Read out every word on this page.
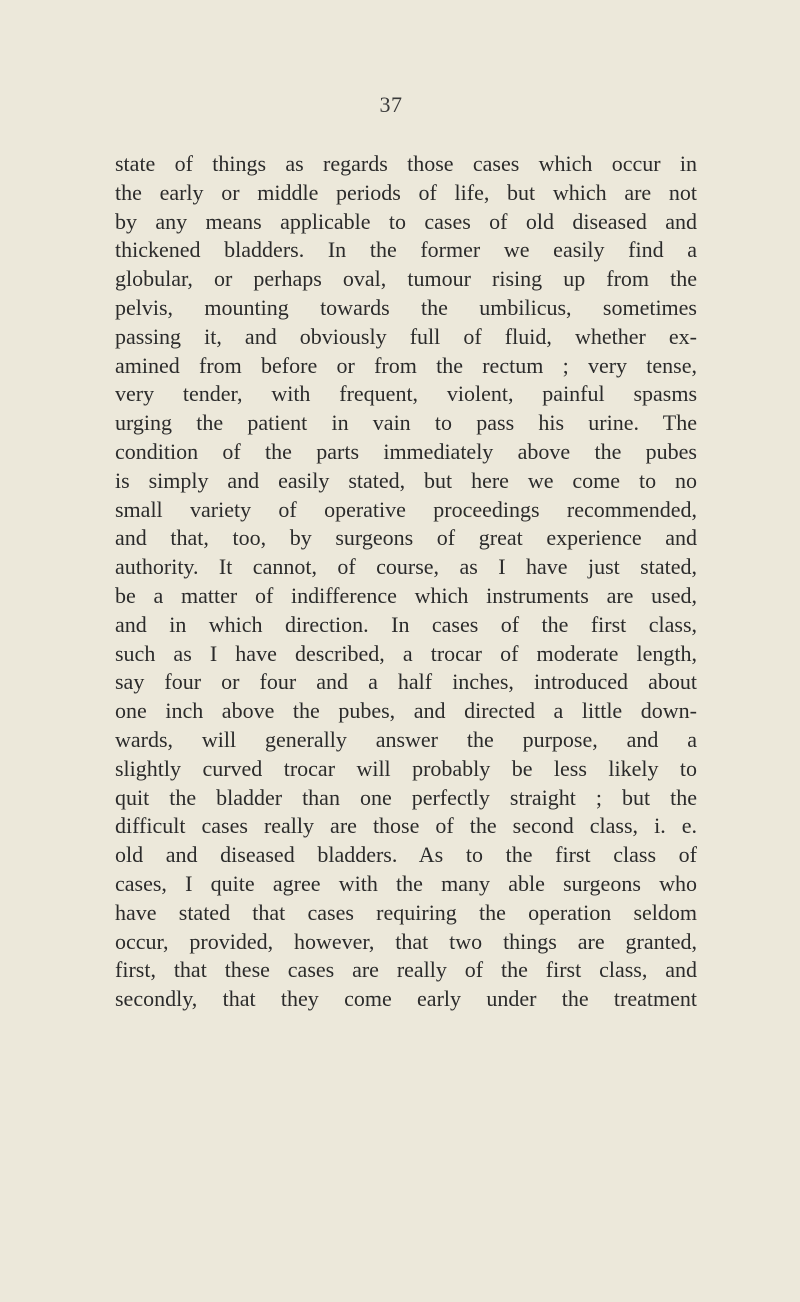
37
state of things as regards those cases which occur in
the early or middle periods of life, but which are not
by any means applicable to cases of old diseased and
thickened bladders. In the former we easily find a
globular, or perhaps oval, tumour rising up from the
pelvis, mounting towards the umbilicus, sometimes
passing it, and obviously full of fluid, whether ex-
amined from before or from the rectum ; very tense,
very tender, with frequent, violent, painful spasms
urging the patient in vain to pass his urine. The
condition of the parts immediately above the pubes
is simply and easily stated, but here we come to no
small variety of operative proceedings recommended,
and that, too, by surgeons of great experience and
authority. It cannot, of course, as I have just stated,
be a matter of indifference which instruments are used,
and in which direction. In cases of the first class,
such as I have described, a trocar of moderate length,
say four or four and a half inches, introduced about
one inch above the pubes, and directed a little down-
wards, will generally answer the purpose, and a
slightly curved trocar will probably be less likely to
quit the bladder than one perfectly straight ; but the
difficult cases really are those of the second class, i. e.
old and diseased bladders. As to the first class of
cases, I quite agree with the many able surgeons who
have stated that cases requiring the operation seldom
occur, provided, however, that two things are granted,
first, that these cases are really of the first class, and
secondly, that they come early under the treatment
